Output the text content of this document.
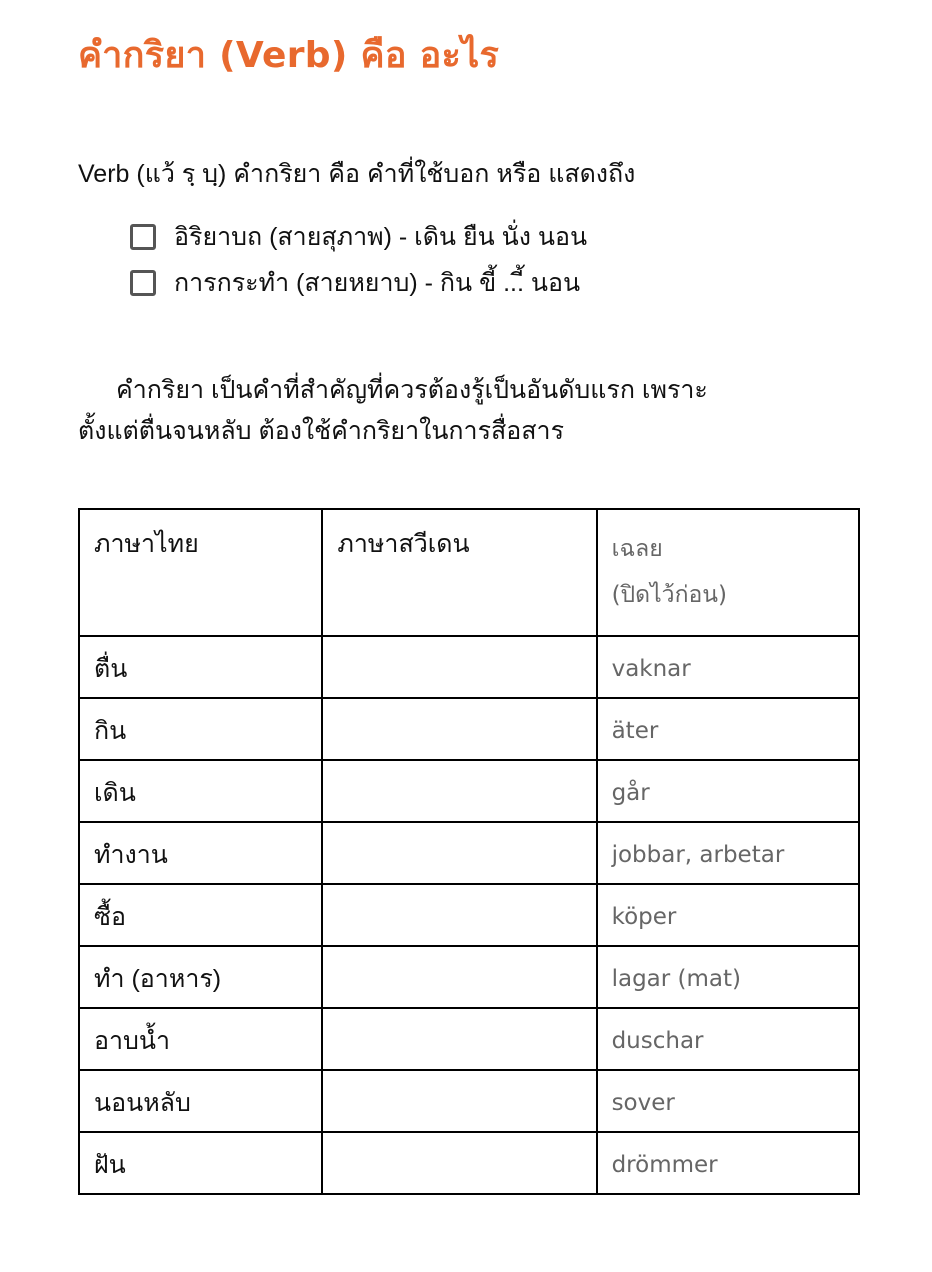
คำกริยา (Verb) คือ อะไร

Verb (แว้ รฺ บฺ) คำกริยา คือ คำที่ใช้บอก หรือ แสดงถึง

อิริยาบถ (สายสุภาพ) - เดิน ยืน นั่ง นอน
การกระทำ (สายหยาบ) - กิน ขี้ ...ี้ นอน
คำกริยา เป็นคำที่สำคัญที่ควรต้องรู้เป็นอันดับแรก เพราะ
ตั้งแต่ตื่นจนหลับ ต้องใช้คำกริยาในการสื่อสาร
ภาษาไทย	ภาษาสวีเดน	เฉลย
(ปิดไว้ก่อน)

ตื่น		vaknar
กิน		äter
เดิน		går
ทำงาน		jobbar, arbetar
ซื้อ		köper
ทำ (อาหาร)		lagar (mat)
อาบน้ำ		duschar
นอนหลับ		sover
ฝัน		drömmer
